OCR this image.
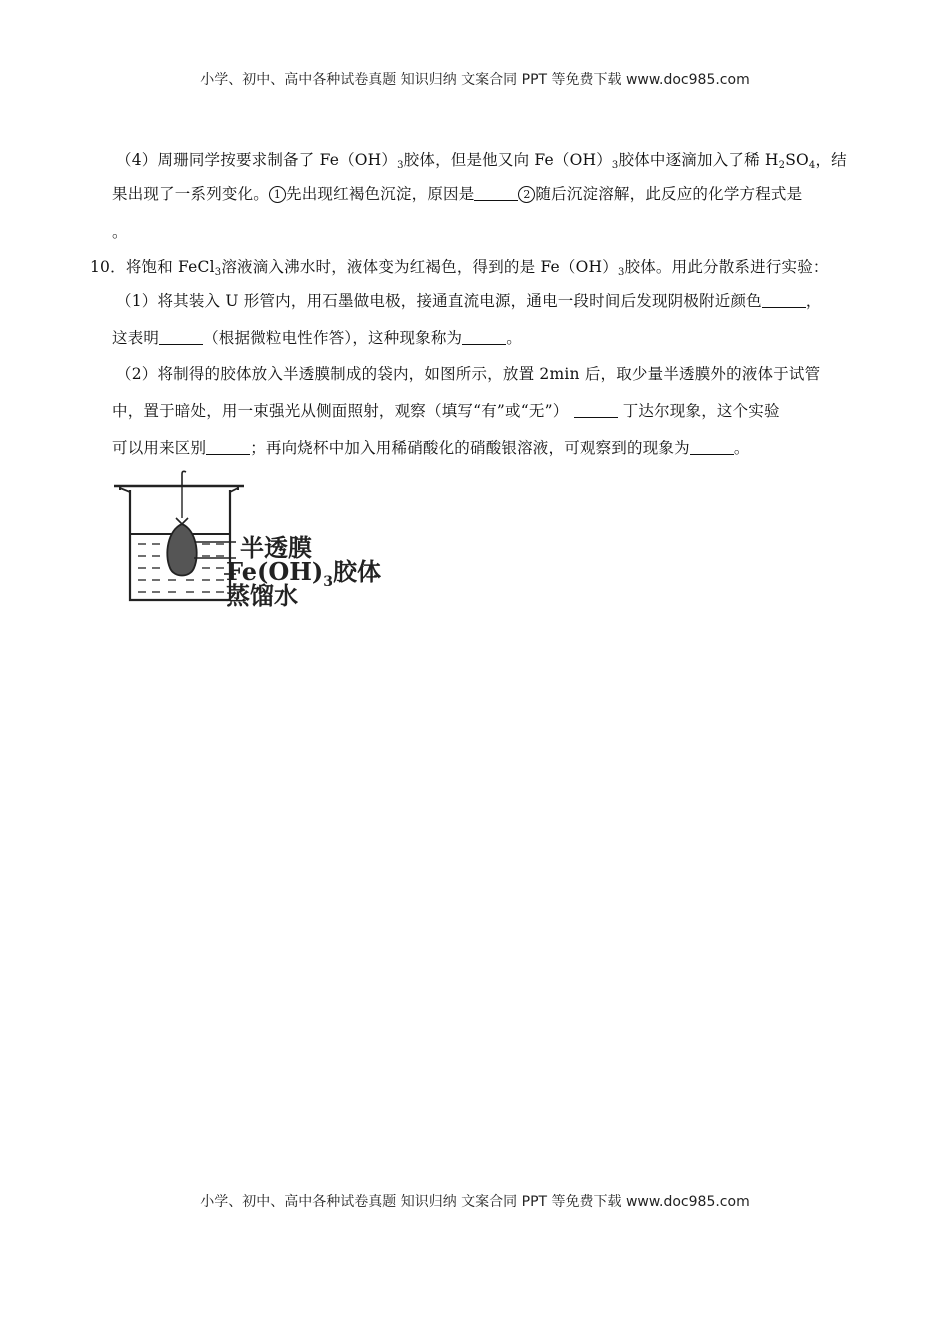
小学、初中、高中各种试卷真题 知识归纳 文案合同 PPT 等免费下载 www.doc985.com
（4）周珊同学按要求制备了 $Fe(OH)_3$胶体，但是他又向 $Fe(OH)_3$胶体中逐滴加入了稀 $H_2SO_4$，结
果出现了一系列变化。 1 先出现红褐色沉淀，原因是	2 随后沉淀溶解，此反应的化学方程式是
。
10．将饱和 FeCl$_3$溶液滴入沸水时，液体变为红褐色，得到的是 $Fe(OH)_3$胶体。用此分散系进行实验：
（1）将其装入 U 形管内，用石墨做电极，接通直流电源，通电一段时间后发现阴极附近颜色	，
这表明	（根据微粒电性作答），这种现象称为	。
（2）将制得的胶体放入半透膜制成的袋内，如图所示，放置 2min 后，取少量半透膜外的液体于试管
中，置于暗处，用一束强光从侧面照射，观察（填写“有”或“无”）	丁达尔现象，这个实验
可以用来区别	；再向烧杯中加入用稀硝酸化的硝酸银溶液，可观察到的现象为	。
半透膜
$Fe(OH)_3$胶体
蒸馏水
小学、初中、高中各种试卷真题 知识归纳 文案合同 PPT 等免费下载 www.doc985.com
